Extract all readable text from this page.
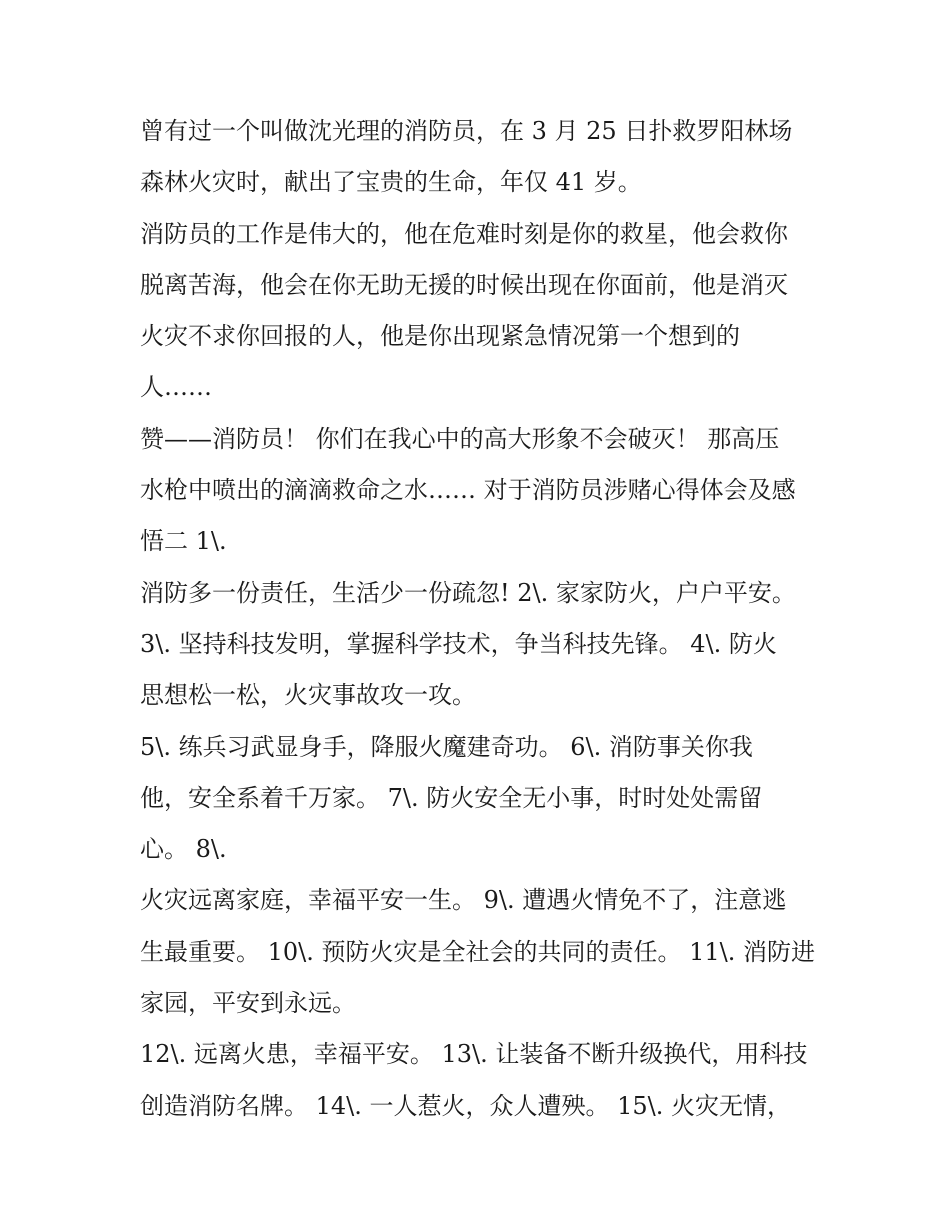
曾有过一个叫做沈光理的消防员，在 3 月 25 日扑救罗阳林场
森林火灾时，献出了宝贵的生命，年仅 41 岁。
消防员的工作是伟大的，他在危难时刻是你的救星，他会救你
脱离苦海，他会在你无助无援的时候出现在你面前，他是消灭
火灾不求你回报的人，他是你出现紧急情况第一个想到的
人……
赞——消防员！ 你们在我心中的高大形象不会破灭！ 那高压
水枪中喷出的滴滴救命之水…… 对于消防员涉赌心得体会及感
悟二 1\.
消防多一份责任，生活少一份疏忽! 2\. 家家防火，户户平安。
3\. 坚持科技发明，掌握科学技术，争当科技先锋。 4\. 防火
思想松一松，火灾事故攻一攻。
5\. 练兵习武显身手，降服火魔建奇功。 6\. 消防事关你我
他，安全系着千万家。 7\. 防火安全无小事，时时处处需留
心。 8\.
火灾远离家庭，幸福平安一生。 9\. 遭遇火情免不了，注意逃
生最重要。 10\. 预防火灾是全社会的共同的责任。 11\. 消防进
家园，平安到永远。
12\. 远离火患，幸福平安。 13\. 让装备不断升级换代，用科技
创造消防名牌。 14\. 一人惹火，众人遭殃。 15\. 火灾无情，
